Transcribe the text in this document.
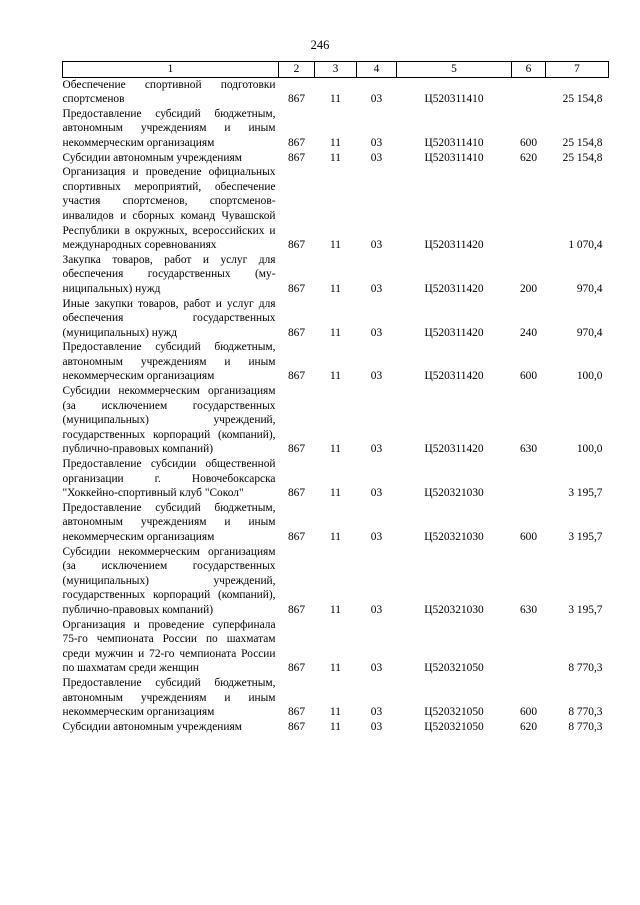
246
1	2	3	4	5	6	7
Обеспечение спортивной подготовки спортсменов	867	11	03	Ц520311410		25 154,8
Предоставление субсидий бюджетным, автономным учреждениям и иным некоммерческим организациям	867	11	03	Ц520311410	600	25 154,8
Субсидии автономным учреждениям	867	11	03	Ц520311410	620	25 154,8
Организация и проведение официальных спортивных мероприятий, обеспечение участия спортсменов, спортсменов-инвалидов и сборных команд Чувашской Республики в окружных, всероссийских и международных соревнованиях	867	11	03	Ц520311420		1 070,4
Закупка товаров, работ и услуг для обеспечения государственных (муниципальных) нужд	867	11	03	Ц520311420	200	970,4
Иные закупки товаров, работ и услуг для обеспечения государственных (муниципальных) нужд	867	11	03	Ц520311420	240	970,4
Предоставление субсидий бюджетным, автономным учреждениям и иным некоммерческим организациям	867	11	03	Ц520311420	600	100,0
Субсидии некоммерческим организациям (за исключением государственных (муниципальных) учреждений, государственных корпораций (компаний), публично-правовых компаний)	867	11	03	Ц520311420	630	100,0
Предоставление субсидии общественной организации г. Новочебоксарска "Хоккейно-спортивный клуб "Сокол"	867	11	03	Ц520321030		3 195,7
Предоставление субсидий бюджетным, автономным учреждениям и иным некоммерческим организациям	867	11	03	Ц520321030	600	3 195,7
Субсидии некоммерческим организациям (за исключением государственных (муниципальных) учреждений, государственных корпораций (компаний), публично-правовых компаний)	867	11	03	Ц520321030	630	3 195,7
Организация и проведение суперфинала 75-го чемпионата России по шахматам среди мужчин и 72-го чемпионата России по шахматам среди женщин	867	11	03	Ц520321050		8 770,3
Предоставление субсидий бюджетным, автономным учреждениям и иным некоммерческим организациям	867	11	03	Ц520321050	600	8 770,3
Субсидии автономным учреждениям	867	11	03	Ц520321050	620	8 770,3
